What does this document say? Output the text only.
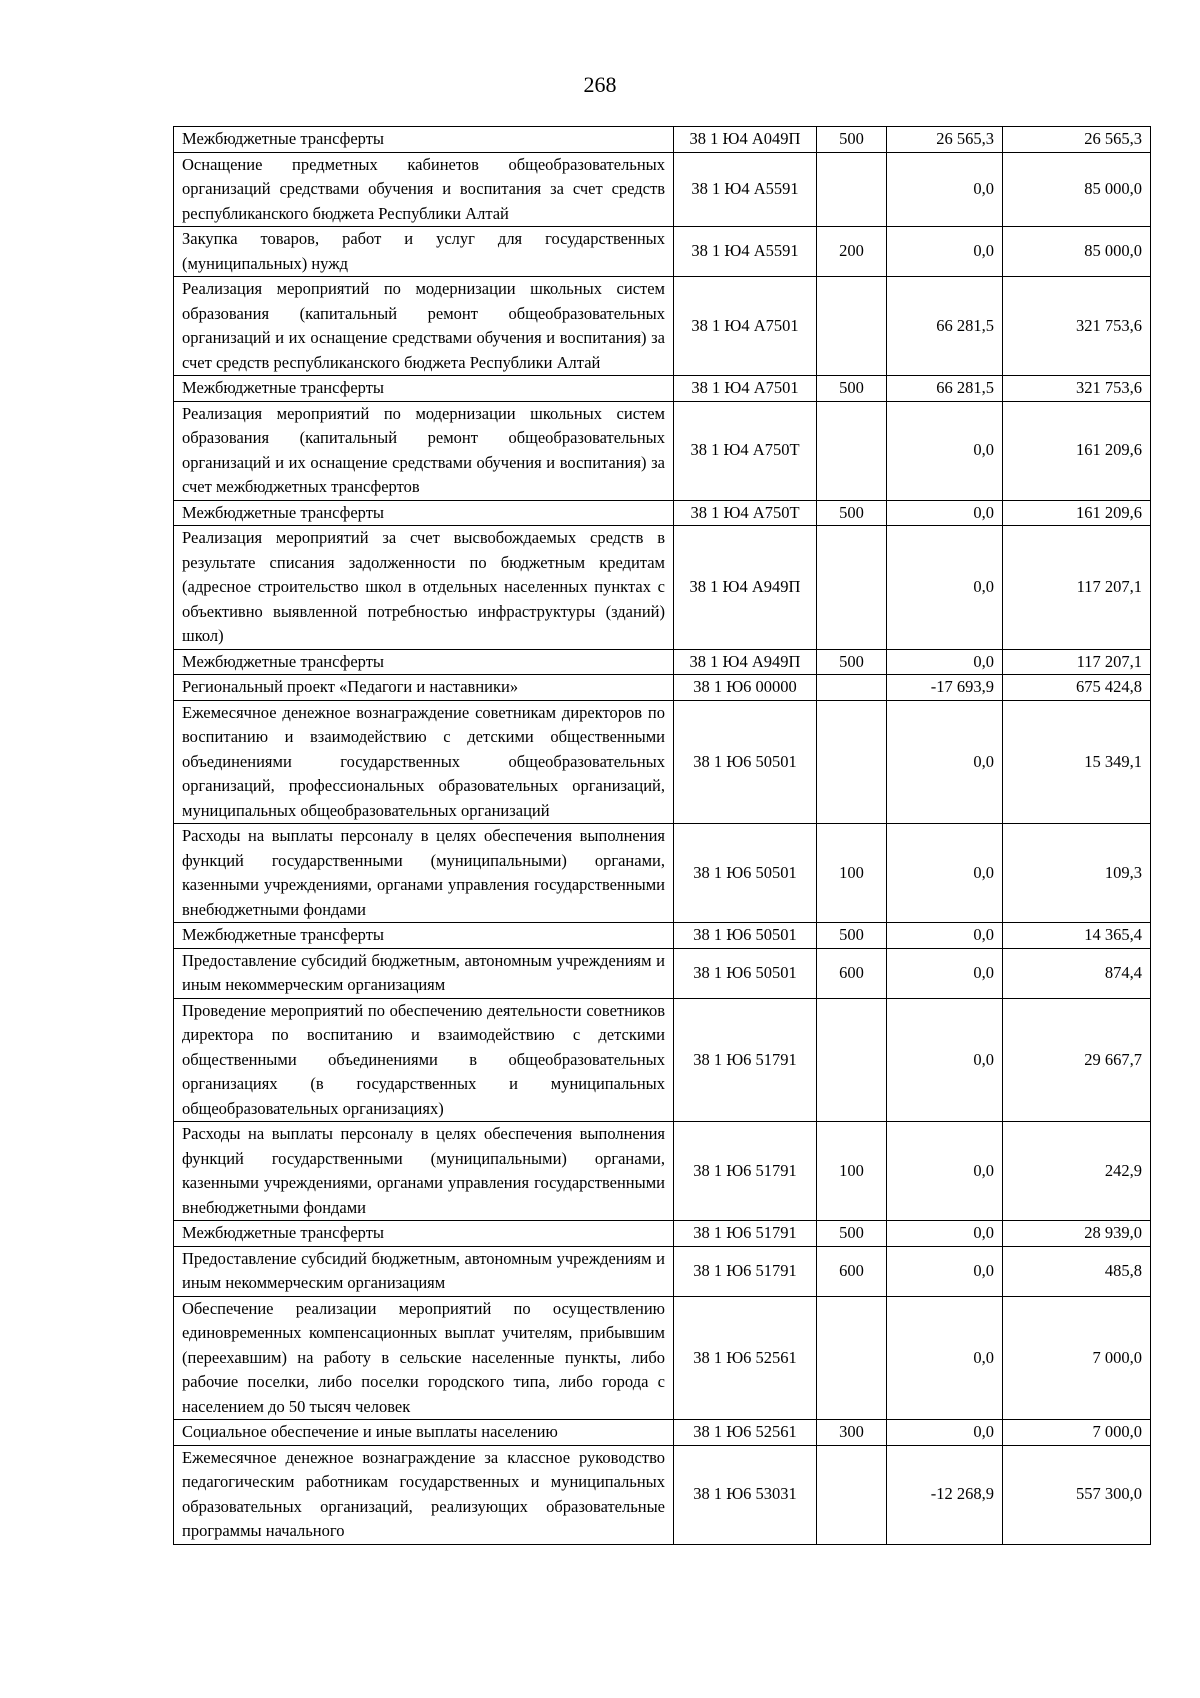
268
Межбюджетные трансферты	38 1 Ю4 А049П	500	26 565,3	26 565,3
Оснащение предметных кабинетов общеобразовательных организаций средствами обучения и воспитания за счет средств республиканского бюджета Республики Алтай	38 1 Ю4 А5591		0,0	85 000,0
Закупка товаров, работ и услуг для государственных (муниципальных) нужд	38 1 Ю4 А5591	200	0,0	85 000,0
Реализация мероприятий по модернизации школьных систем образования (капитальный ремонт общеобразовательных организаций и их оснащение средствами обучения и воспитания) за счет средств республиканского бюджета Республики Алтай	38 1 Ю4 А7501		66 281,5	321 753,6
Межбюджетные трансферты	38 1 Ю4 А7501	500	66 281,5	321 753,6
Реализация мероприятий по модернизации школьных систем образования (капитальный ремонт общеобразовательных организаций и их оснащение средствами обучения и воспитания) за счет межбюджетных трансфертов	38 1 Ю4 А750Т		0,0	161 209,6
Межбюджетные трансферты	38 1 Ю4 А750Т	500	0,0	161 209,6
Реализация мероприятий за счет высвобождаемых средств в результате списания задолженности по бюджетным кредитам (адресное строительство школ в отдельных населенных пунктах с объективно выявленной потребностью инфраструктуры (зданий) школ)	38 1 Ю4 А949П		0,0	117 207,1
Межбюджетные трансферты	38 1 Ю4 А949П	500	0,0	117 207,1
Региональный проект «Педагоги и наставники»	38 1 Ю6 00000		-17 693,9	675 424,8
Ежемесячное денежное вознаграждение советникам директоров по воспитанию и взаимодействию с детскими общественными объединениями государственных общеобразовательных организаций, профессиональных образовательных организаций, муниципальных общеобразовательных организаций	38 1 Ю6 50501		0,0	15 349,1
Расходы на выплаты персоналу в целях обеспечения выполнения функций государственными (муниципальными) органами, казенными учреждениями, органами управления государственными внебюджетными фондами	38 1 Ю6 50501	100	0,0	109,3
Межбюджетные трансферты	38 1 Ю6 50501	500	0,0	14 365,4
Предоставление субсидий бюджетным, автономным учреждениям и иным некоммерческим организациям	38 1 Ю6 50501	600	0,0	874,4
Проведение мероприятий по обеспечению деятельности советников директора по воспитанию и взаимодействию с детскими общественными объединениями в общеобразовательных организациях (в государственных и муниципальных общеобразовательных организациях)	38 1 Ю6 51791		0,0	29 667,7
Расходы на выплаты персоналу в целях обеспечения выполнения функций государственными (муниципальными) органами, казенными учреждениями, органами управления государственными внебюджетными фондами	38 1 Ю6 51791	100	0,0	242,9
Межбюджетные трансферты	38 1 Ю6 51791	500	0,0	28 939,0
Предоставление субсидий бюджетным, автономным учреждениям и иным некоммерческим организациям	38 1 Ю6 51791	600	0,0	485,8
Обеспечение реализации мероприятий по осуществлению единовременных компенсационных выплат учителям, прибывшим (переехавшим) на работу в сельские населенные пункты, либо рабочие поселки, либо поселки городского типа, либо города с населением до 50 тысяч человек	38 1 Ю6 52561		0,0	7 000,0
Социальное обеспечение и иные выплаты населению	38 1 Ю6 52561	300	0,0	7 000,0
Ежемесячное денежное вознаграждение за классное руководство педагогическим работникам государственных и муниципальных образовательных организаций, реализующих образовательные программы начального	38 1 Ю6 53031		-12 268,9	557 300,0
